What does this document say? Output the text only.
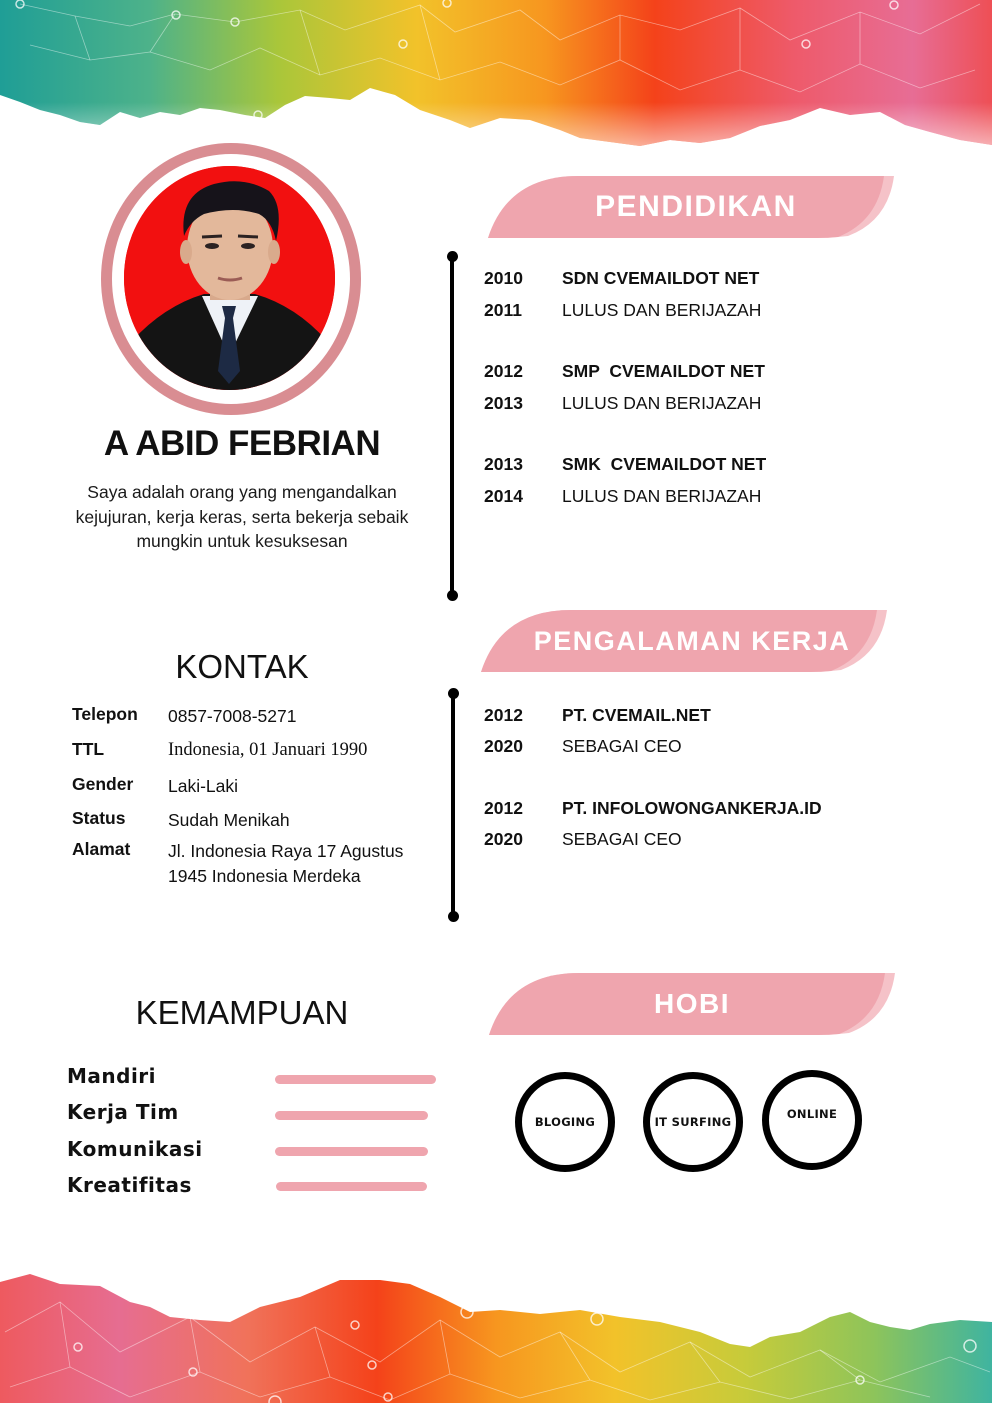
A ABID FEBRIAN
Saya adalah orang yang mengandalkan kejujuran, kerja keras, serta bekerja sebaik mungkin untuk kesuksesan
KONTAK
Telepon 0857-7008-5271
TTL	Indonesia, 01 Januari 1990
Gender Laki-Laki
Status Sudah Menikah
Alamat Jl. Indonesia Raya 17 Agustus
1945 Indonesia Merdeka
KEMAMPUAN
Mandiri
Kerja Tim
Komunikasi
Kreatifitas
PENDIDIKAN
2010 SDN CVEMAILDOT NET
2011 LULUS DAN BERIJAZAH
2012 SMP  CVEMAILDOT NET
2013 LULUS DAN BERIJAZAH
2013 SMK  CVEMAILDOT NET
2014 LULUS DAN BERIJAZAH
PENGALAMAN KERJA
2012 PT. CVEMAIL.NET
2020 SEBAGAI CEO
2012 PT. INFOLOWONGANKERJA.ID
2020 SEBAGAI CEO
HOBI
BLOGING	IT SURFING
ONLINE
